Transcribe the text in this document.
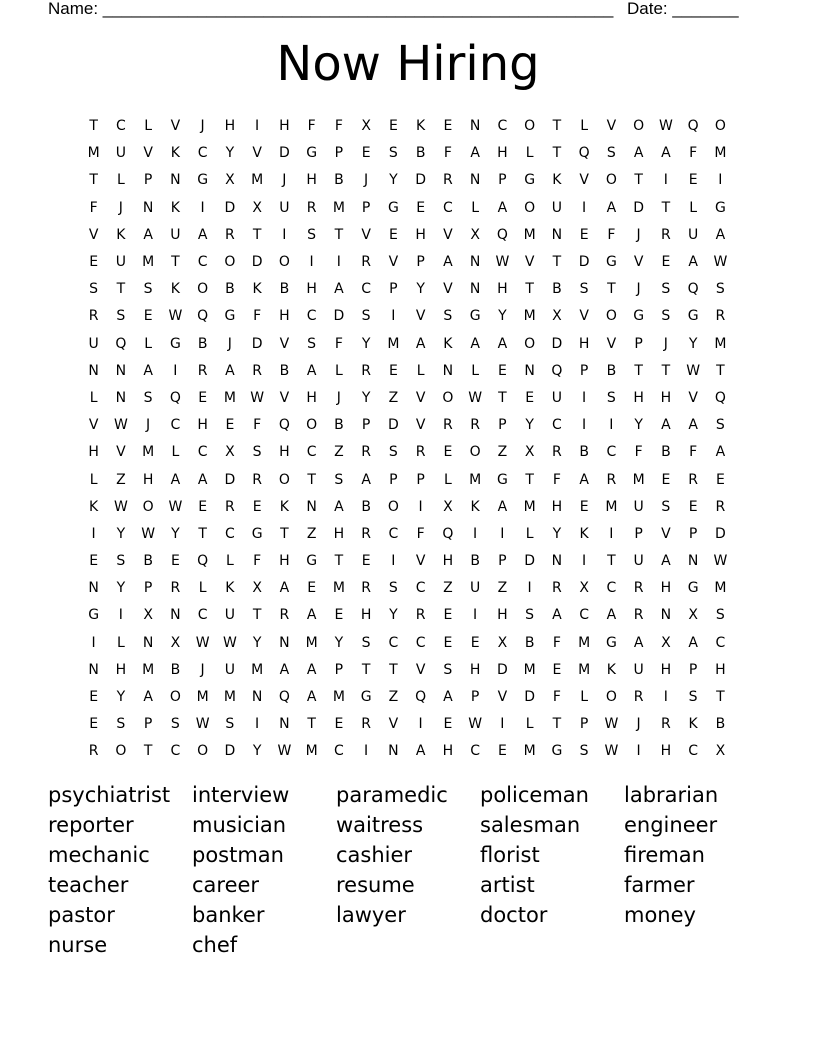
Name: ______________________________________________________ Date: _______
Now Hiring
T	C	L	V	J	H	I	H	F	F	X	E	K	E	N	C	O	T	L	V	O	W	Q	O
M	U	V	K	C	Y	V	D	G	P	E	S	B	F	A	H	L	T	Q	S	A	A	F	M
T	L	P	N	G	X	M	J	H	B	J	Y	D	R	N	P	G	K	V	O	T	I	E	I
F	J	N	K	I	D	X	U	R	M	P	G	E	C	L	A	O	U	I	A	D	T	L	G
V	K	A	U	A	R	T	I	S	T	V	E	H	V	X	Q	M	N	E	F	J	R	U	A
E	U	M	T	C	O	D	O	I	I	R	V	P	A	N	W	V	T	D	G	V	E	A	W
S	T	S	K	O	B	K	B	H	A	C	P	Y	V	N	H	T	B	S	T	J	S	Q	S
R	S	E	W	Q	G	F	H	C	D	S	I	V	S	G	Y	M	X	V	O	G	S	G	R
U	Q	L	G	B	J	D	V	S	F	Y	M	A	K	A	A	O	D	H	V	P	J	Y	M
N	N	A	I	R	A	R	B	A	L	R	E	L	N	L	E	N	Q	P	B	T	T	W	T
L	N	S	Q	E	M	W	V	H	J	Y	Z	V	O	W	T	E	U	I	S	H	H	V	Q
V	W	J	C	H	E	F	Q	O	B	P	D	V	R	R	P	Y	C	I	I	Y	A	A	S
H	V	M	L	C	X	S	H	C	Z	R	S	R	E	O	Z	X	R	B	C	F	B	F	A
L	Z	H	A	A	D	R	O	T	S	A	P	P	L	M	G	T	F	A	R	M	E	R	E
K	W	O	W	E	R	E	K	N	A	B	O	I	X	K	A	M	H	E	M	U	S	E	R
I	Y	W	Y	T	C	G	T	Z	H	R	C	F	Q	I	I	L	Y	K	I	P	V	P	D
E	S	B	E	Q	L	F	H	G	T	E	I	V	H	B	P	D	N	I	T	U	A	N	W
N	Y	P	R	L	K	X	A	E	M	R	S	C	Z	U	Z	I	R	X	C	R	H	G	M
G	I	X	N	C	U	T	R	A	E	H	Y	R	E	I	H	S	A	C	A	R	N	X	S
I	L	N	X	W W	Y	N	M	Y	S	C	C	E	E	X	B	F	M	G	A	X	A	C
N	H	M	B	J	U	M	A	A	P	T	T	V	S	H	D	M	E	M	K	U	H	P	H
E	Y	A	O	M	M	N	Q	A	M	G	Z	Q	A	P	V	D	F	L	O	R	I	S	T
E	S	P	S	W	S	I	N	T	E	R	V	I	E	W	I	L	T	P	W	J	R	K	B
R	O	T	C	O	D	Y	W	M	C	I	N	A	H	C	E	M	G	S	W	I	H	C	X
psychiatrist	interview	paramedic	policeman	labrarian
reporter	musician	waitress	salesman	engineer
mechanic	postman	cashier	florist	fireman
teacher	career	resume	artist	farmer
pastor	banker	lawyer	doctor	money
nurse	chef
